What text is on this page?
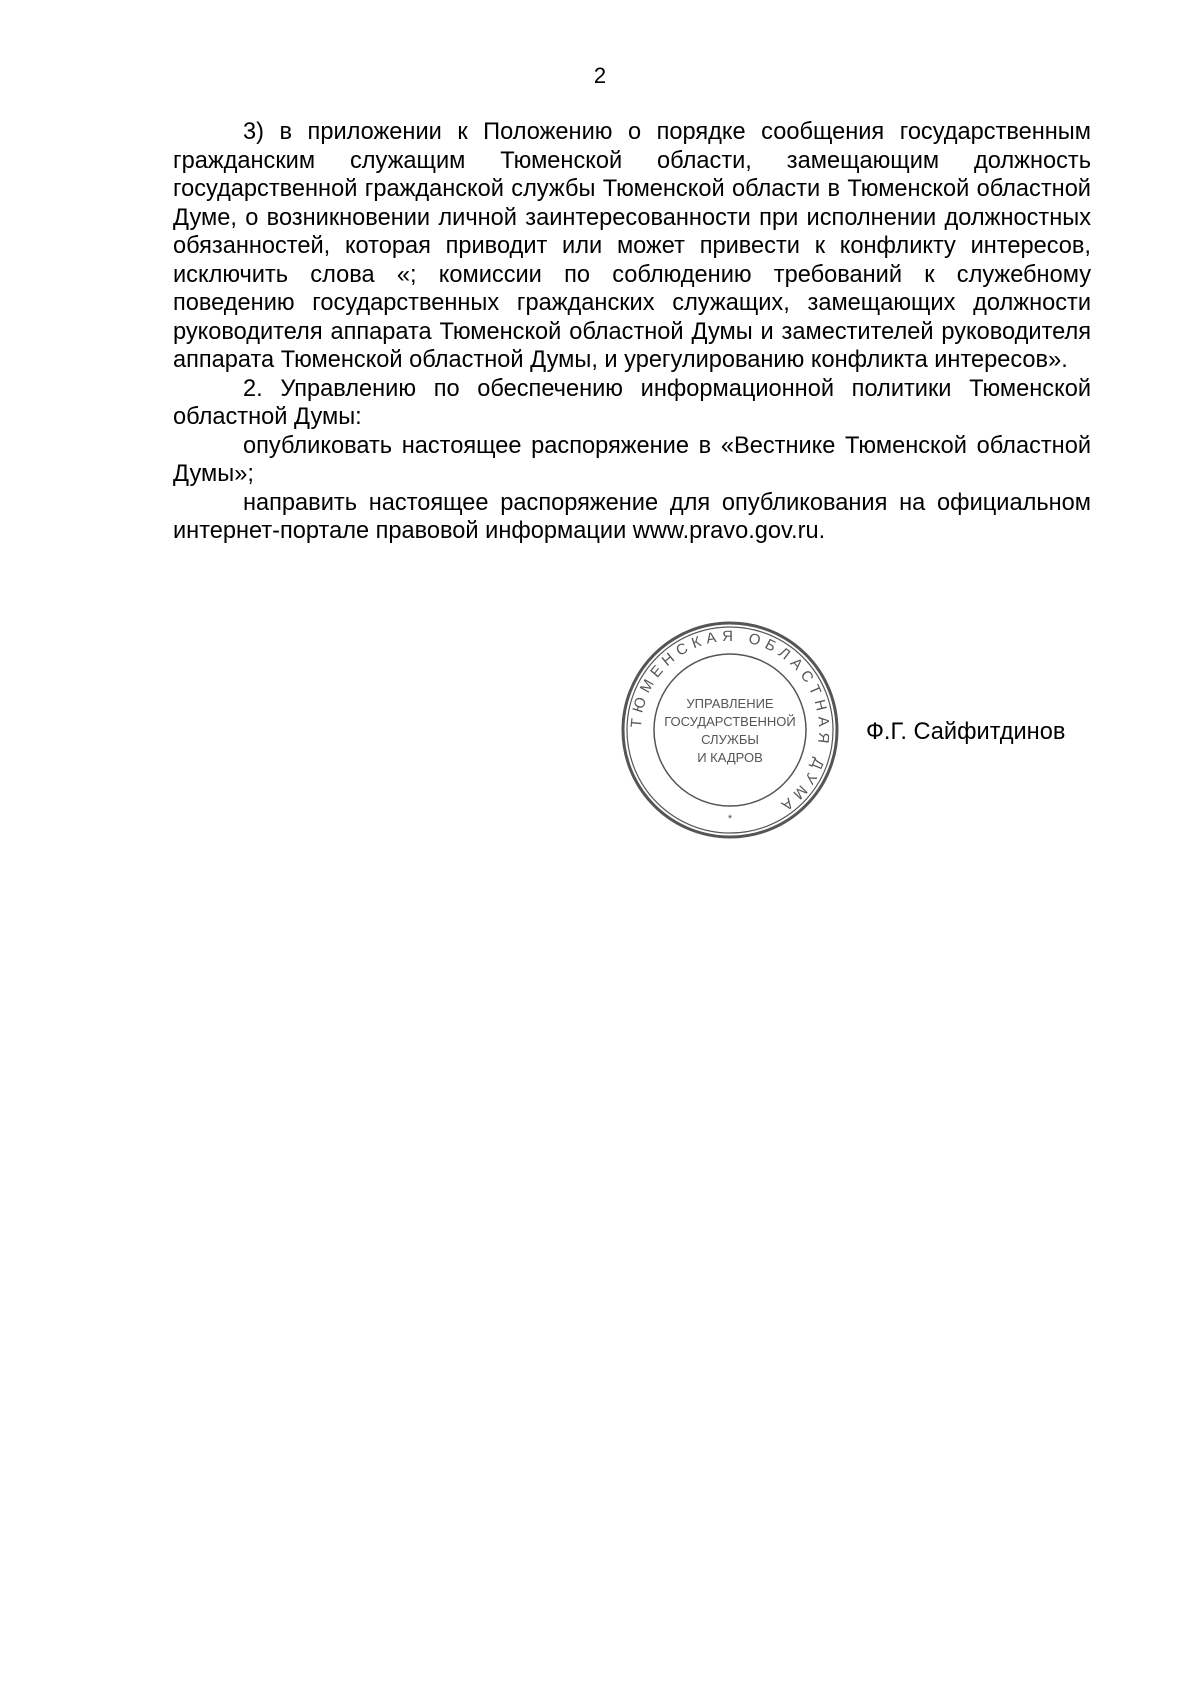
2

3) в приложении к Положению о порядке сообщения государственным гражданским служащим Тюменской области, замещающим должность государственной гражданской службы Тюменской области в Тюменской областной Думе, о возникновении личной заинтересованности при исполнении должностных обязанностей, которая приводит или может привести к конфликту интересов, исключить слова «; комиссии по соблюдению требований к служебному поведению государственных гражданских служащих, замещающих должности руководителя аппарата Тюменской областной Думы и заместителей руководителя аппарата Тюменской областной Думы, и урегулированию конфликта интересов».

2. Управлению по обеспечению информационной политики Тюменской областной Думы:

опубликовать настоящее распоряжение в «Вестнике Тюменской областной Думы»;

направить настоящее распоряжение для опубликования на официальном интернет-портале правовой информации www.pravo.gov.ru.

ТЮМЕНСКАЯ ОБЛАСТНАЯ ДУМА
УПРАВЛЕНИЕ
ГОСУДАРСТВЕННОЙ
СЛУЖБЫ
И КАДРОВ
*
Ф.Г. Сайфитдинов
